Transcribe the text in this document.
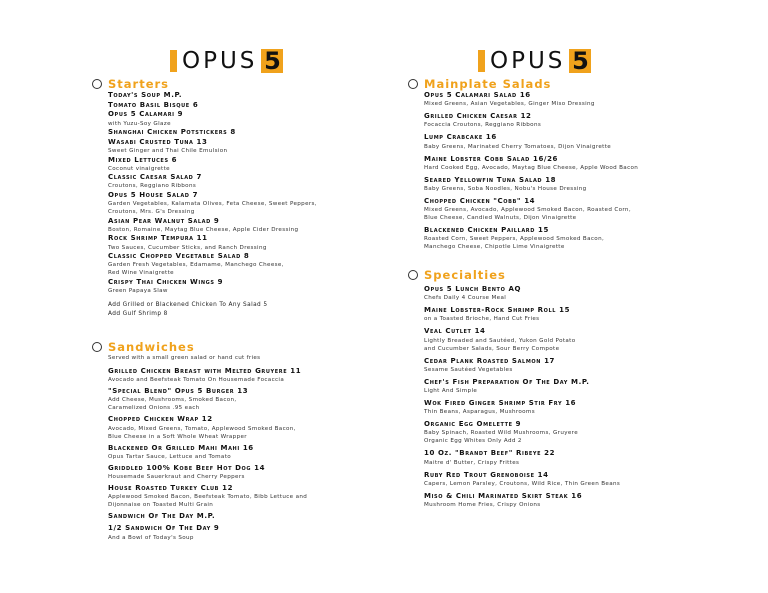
OPUS 5	OPUS 5
Starters
Today's Soup M.P.
Tomato Basil Bisque 6
Opus 5 Calamari 9
with Yuzu-Soy Glaze
Shanghai Chicken Potstickers 8
Wasabi Crusted Tuna 13
Sweet Ginger and Thai Chile Emulsion
Mixed Lettuces 6
Coconut vinaigrette
Classic Caesar Salad 7
Croutons, Reggiano Ribbons
Opus 5 House Salad 7
Garden Vegetables, Kalamata Olives, Feta Cheese, Sweet Peppers,
Croutons, Mrs. G's Dressing
Asian Pear Walnut Salad 9
Boston, Romaine, Maytag Blue Cheese, Apple Cider Dressing
Rock Shrimp Tempura 11
Two Sauces, Cucumber Sticks, and Ranch Dressing
Classic Chopped Vegetable Salad 8
Garden Fresh Vegetables, Edamame, Manchego Cheese,
Red Wine Vinaigrette
Crispy Thai Chicken Wings 9
Green Papaya Slaw
Add Grilled or Blackened Chicken To Any Salad 5
Add Gulf Shrimp 8
Sandwiches
Served with a small green salad or hand cut fries
Grilled Chicken Breast with Melted Gruyere 11
Avocado and Beefsteak Tomato On Housemade Focaccia
"Special Blend" Opus 5 Burger 13
Add Cheese, Mushrooms, Smoked Bacon,
Caramelized Onions .95 each
Chopped Chicken Wrap 12
Avocado, Mixed Greens, Tomato, Applewood Smoked Bacon,
Blue Cheese in a Soft Whole Wheat Wrapper
Blackened Or Grilled Mahi Mahi 16
Opus Tartar Sauce, Lettuce and Tomato
Griddled 100% Kobe Beef Hot Dog 14
Housemade Sauerkraut and Cherry Peppers
House Roasted Turkey Club 12
Applewood Smoked Bacon, Beefsteak Tomato, Bibb Lettuce and
Dijonnaise on Toasted Multi Grain
Sandwich Of The Day M.P.
1/2 Sandwich Of The Day 9
And a Bowl of Today's Soup
Mainplate Salads
Opus 5 Calamari Salad 16
Mixed Greens, Asian Vegetables, Ginger Miso Dressing
Grilled Chicken Caesar 12
Focaccia Croutons, Reggiano Ribbons
Lump Crabcake 16
Baby Greens, Marinated Cherry Tomatoes, Dijon Vinaigrette
Maine Lobster Cobb Salad 16/26
Hard Cooked Egg, Avocado, Maytag Blue Cheese, Apple Wood Bacon
Seared Yellowfin Tuna Salad 18
Baby Greens, Soba Noodles, Nobu's House Dressing
Chopped Chicken "Cobb" 14
Mixed Greens, Avocado, Applewood Smoked Bacon, Roasted Corn,
Blue Cheese, Candied Walnuts, Dijon Vinaigrette
Blackened Chicken Paillard 15
Roasted Corn, Sweet Peppers, Applewood Smoked Bacon,
Manchego Cheese, Chipotle Lime Vinaigrette
Specialties
Opus 5 Lunch Bento AQ
Chefs Daily 4 Course Meal
Maine Lobster-Rock Shrimp Roll 15
on a Toasted Brioche, Hand Cut Fries
Veal Cutlet 14
Lightly Breaded and Sautéed, Yukon Gold Potato
and Cucumber Salads, Sour Berry Compote
Cedar Plank Roasted Salmon 17
Sesame Sautéed Vegetables
Chef's Fish Preparation Of The Day M.P.
Light And Simple
Wok Fired Ginger Shrimp Stir Fry 16
Thin Beans, Asparagus, Mushrooms
Organic Egg Omelette 9
Baby Spinach, Roasted Wild Mushrooms, Gruyere
Organic Egg Whites Only Add 2
10 Oz. "Brandt Beef" Ribeye 22
Maitre d' Butter, Crispy Frittes
Ruby Red Trout Grenoboise 14
Capers, Lemon Parsley, Croutons, Wild Rice, Thin Green Beans
Miso & Chili Marinated Skirt Steak 16
Mushroom Home Fries, Crispy Onions
